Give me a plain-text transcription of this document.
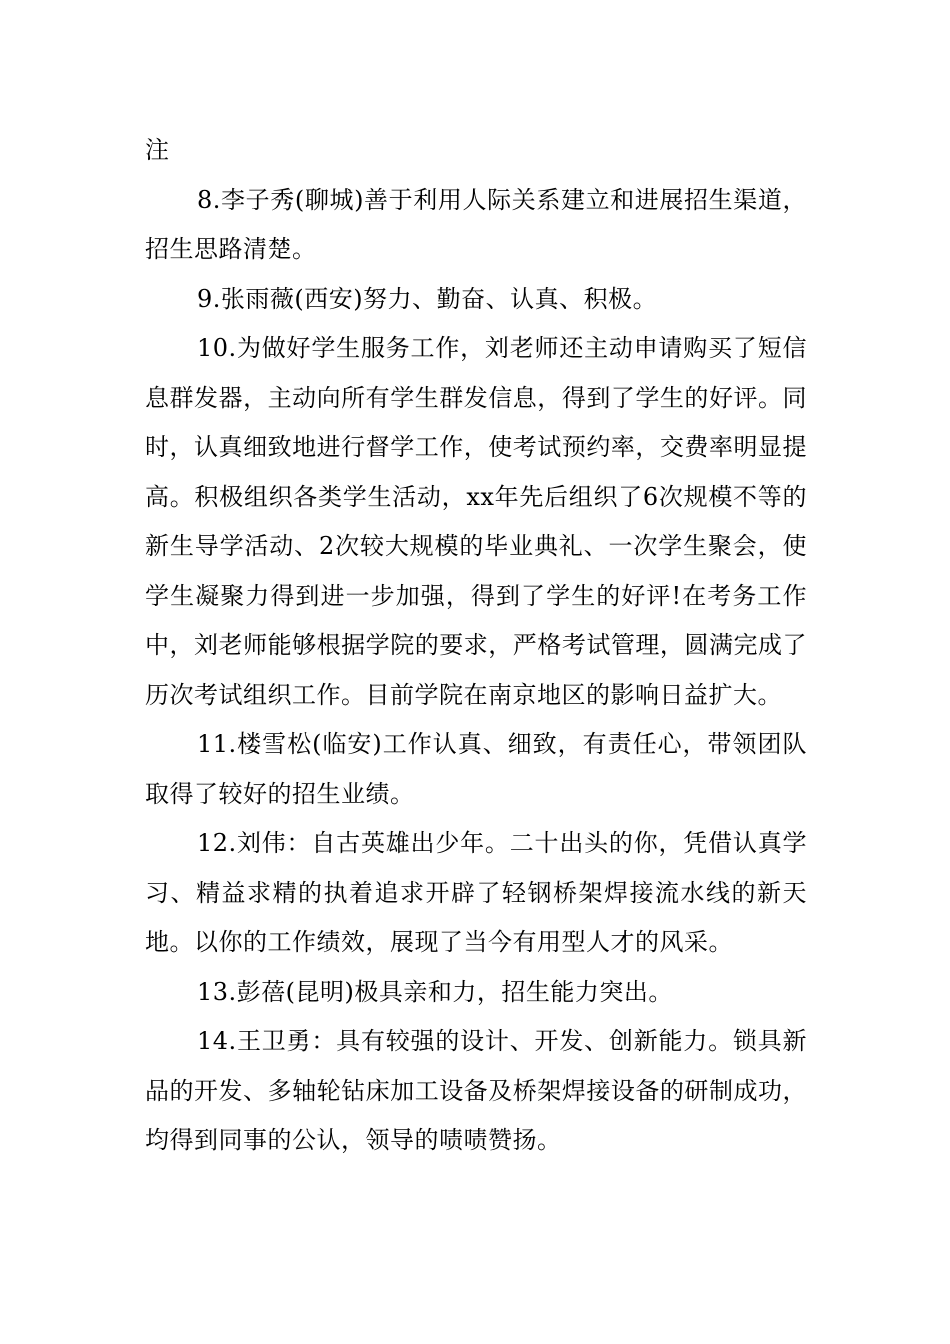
注

8.李子秀(聊城)善于利用人际关系建立和进展招生渠道，招生思路清楚。

9.张雨薇(西安)努力、勤奋、认真、积极。

10.为做好学生服务工作，刘老师还主动申请购买了短信息群发器，主动向所有学生群发信息，得到了学生的好评。同时，认真细致地进行督学工作，使考试预约率，交费率明显提高。积极组织各类学生活动，xx年先后组织了6次规模不等的新生导学活动、2次较大规模的毕业典礼、一次学生聚会，使学生凝聚力得到进一步加强，得到了学生的好评!在考务工作中，刘老师能够根据学院的要求，严格考试管理，圆满完成了历次考试组织工作。目前学院在南京地区的影响日益扩大。

11.楼雪松(临安)工作认真、细致，有责任心，带领团队取得了较好的招生业绩。

12.刘伟：自古英雄出少年。二十出头的你，凭借认真学习、精益求精的执着追求开辟了轻钢桥架焊接流水线的新天地。以你的工作绩效，展现了当今有用型人才的风采。

13.彭蓓(昆明)极具亲和力，招生能力突出。

14.王卫勇：具有较强的设计、开发、创新能力。锁具新品的开发、多轴轮钻床加工设备及桥架焊接设备的研制成功，均得到同事的公认，领导的啧啧赞扬。
